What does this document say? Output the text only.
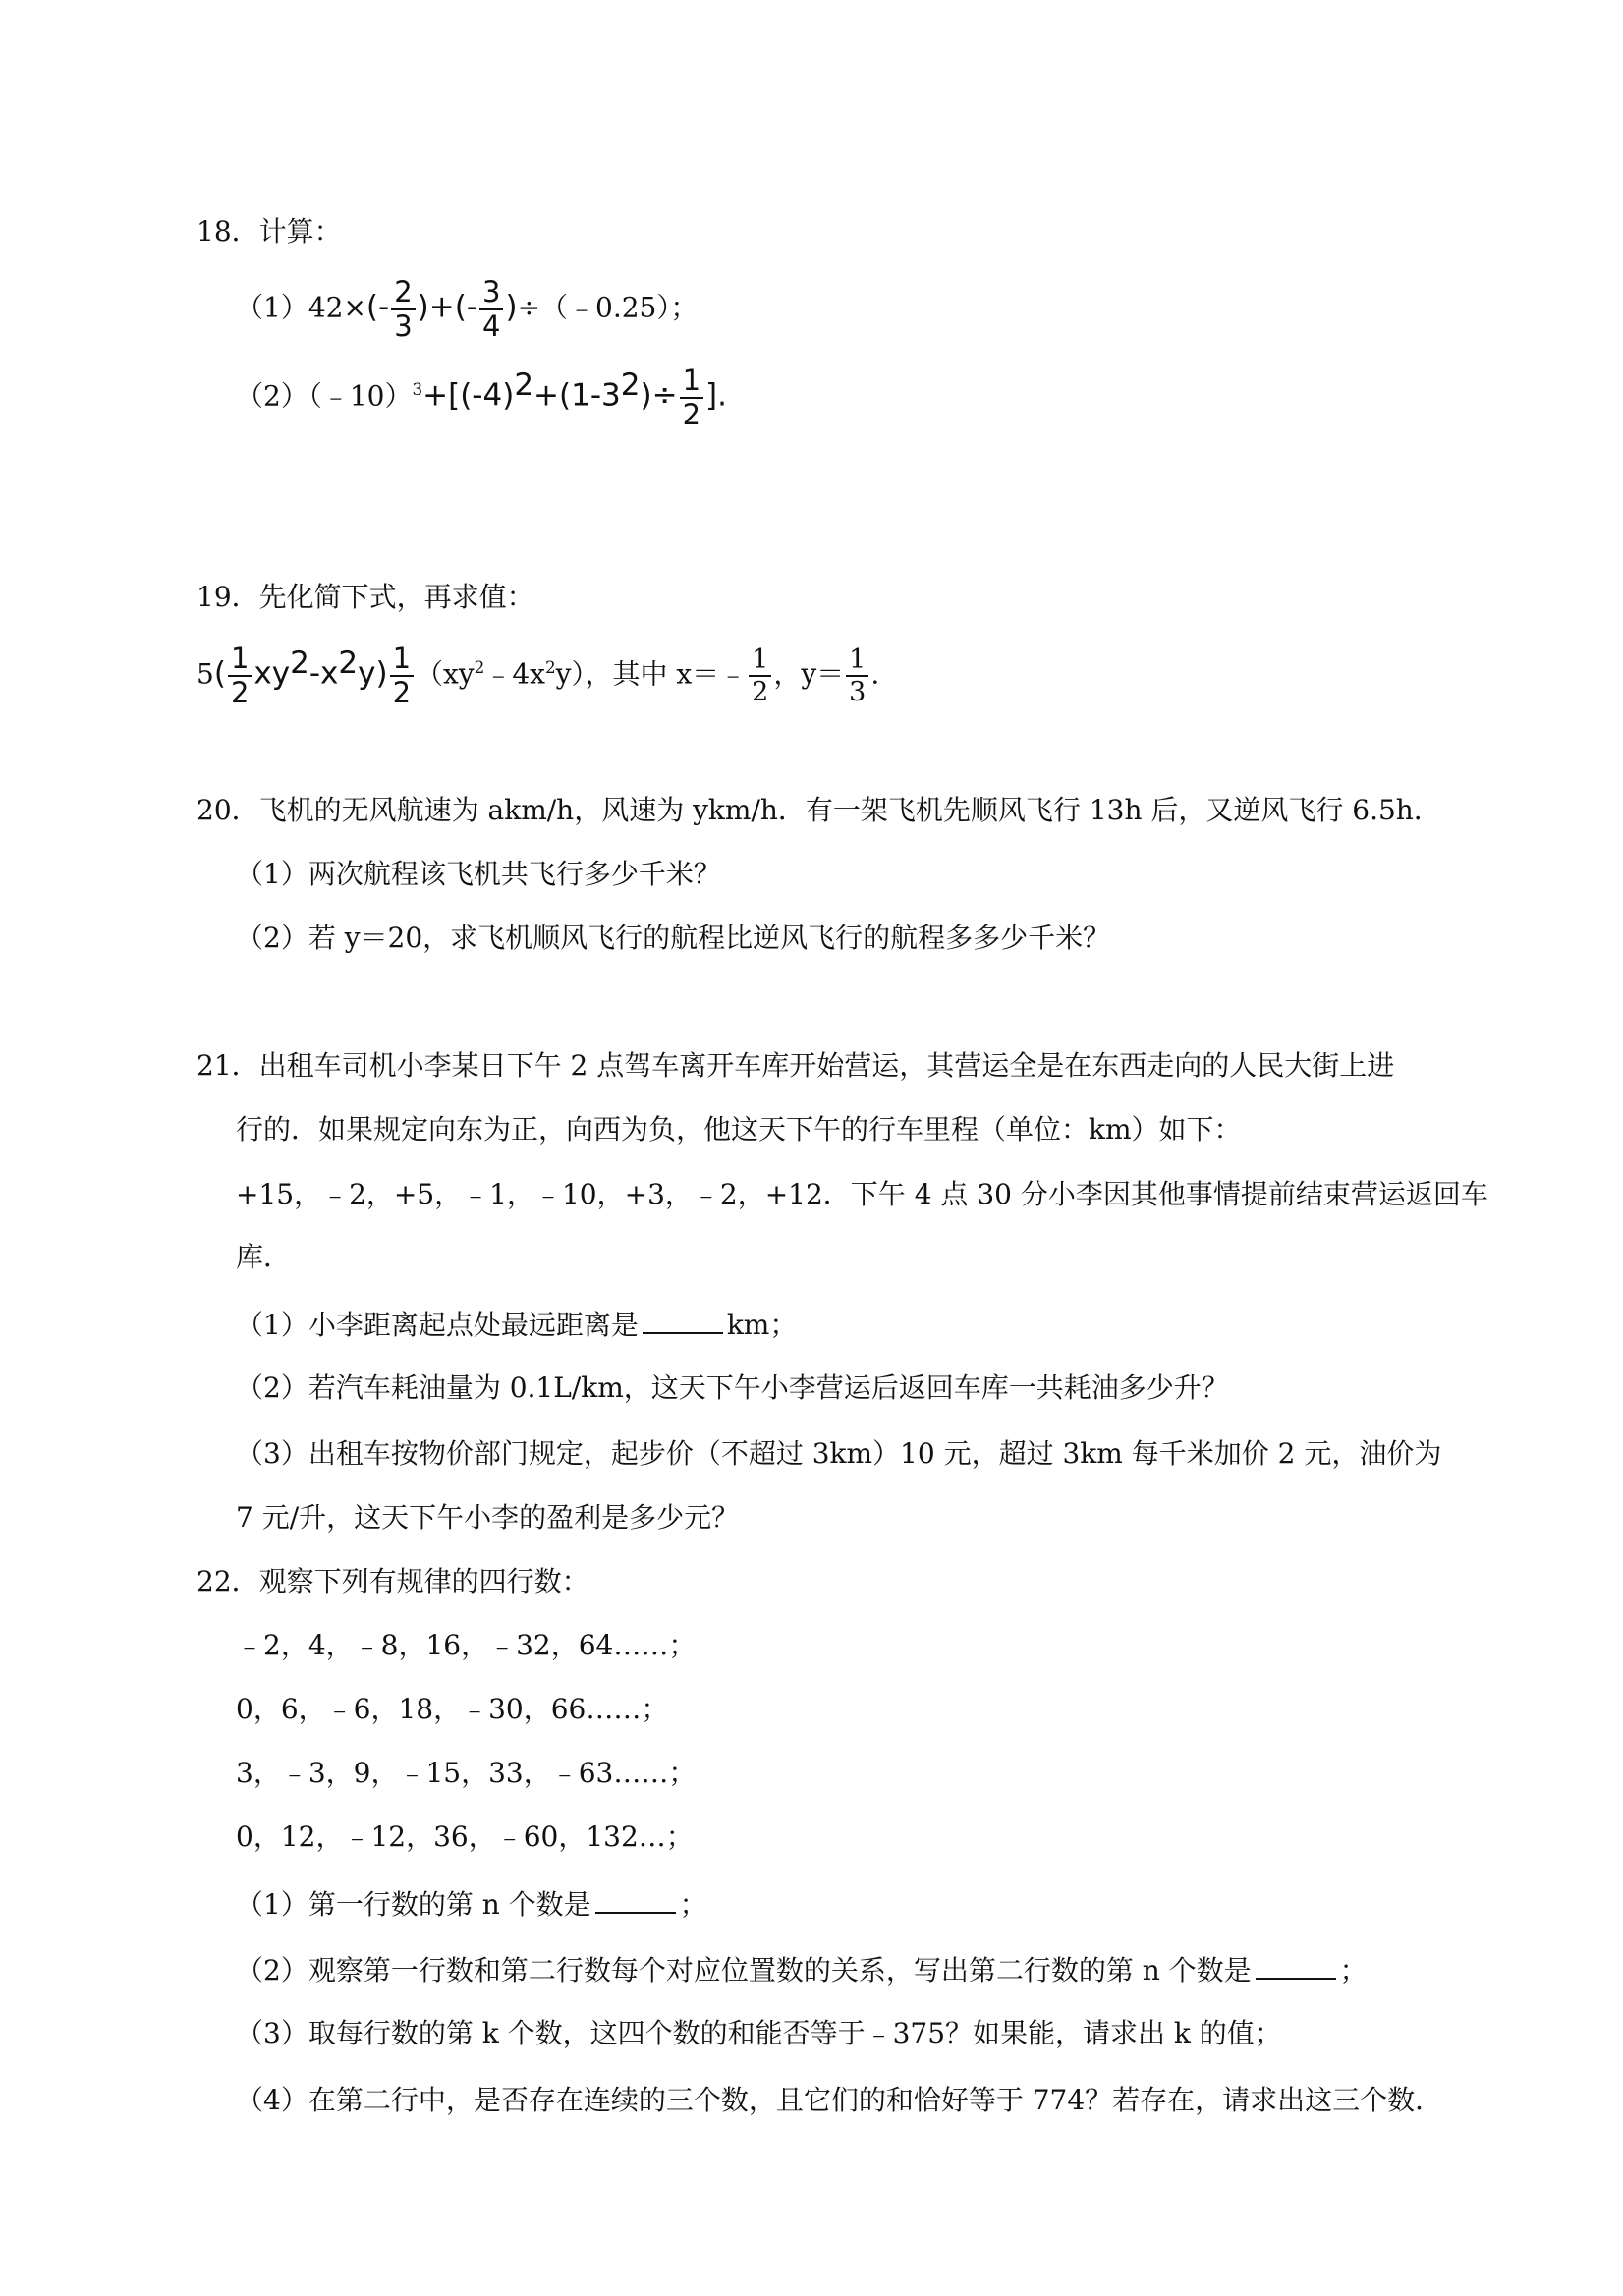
18．计算：
$(1)42\times(- \frac{2}{3}$ )+(- $\frac{3}{4}$ )÷（﹣0.25）；
$(2)(﹣10)^3+[(-4)^2+(1-3^2)\div \frac{1}{2}$ ].
19．先化简下式，再求值：
$5( \frac{1}{2} xy^2-x^2y) \frac{1}{2}$ $(xy^2﹣4x^2y)$，其中 x＝﹣ $\frac{1}{2}$ ，$y= \frac{1}{3}$ .
20．飞机的无风航速为 akm/h，风速为 ykm/h．有一架飞机先顺风飞行 13h 后，又逆风飞行 6.5h．
（1）两次航程该飞机共飞行多少千米？
（2）若 y＝20，求飞机顺风飞行的航程比逆风飞行的航程多多少千米？
21．出租车司机小李某日下午 2 点驾车离开车库开始营运，其营运全是在东西走向的人民大街上进
行的．如果规定向东为正，向西为负，他这天下午的行车里程（单位：km）如下：
+15，﹣2，+5，﹣1，﹣10，+3，﹣2，+12．下午 4 点 30 分小李因其他事情提前结束营运返回车
库．
（1）小李距离起点处最远距离是	km；
（2）若汽车耗油量为 0.1L/km，这天下午小李营运后返回车库一共耗油多少升？
（3）出租车按物价部门规定，起步价（不超过 3km）10 元，超过 3km 每千米加价 2 元，油价为
7 元/升，这天下午小李的盈利是多少元？
22．观察下列有规律的四行数：
﹣2，4，﹣8，16，﹣32，64……；
0，6，﹣6，18，﹣30，66……；
3，﹣3，9，﹣15，33，﹣63……；
0，12，﹣12，36，﹣60，132…；
（1）第一行数的第 n 个数是	；
（2）观察第一行数和第二行数每个对应位置数的关系，写出第二行数的第 n 个数是	；
（3）取每行数的第 k 个数，这四个数的和能否等于﹣375？如果能，请求出 k 的值；
（4）在第二行中，是否存在连续的三个数，且它们的和恰好等于 774？若存在，请求出这三个数．
